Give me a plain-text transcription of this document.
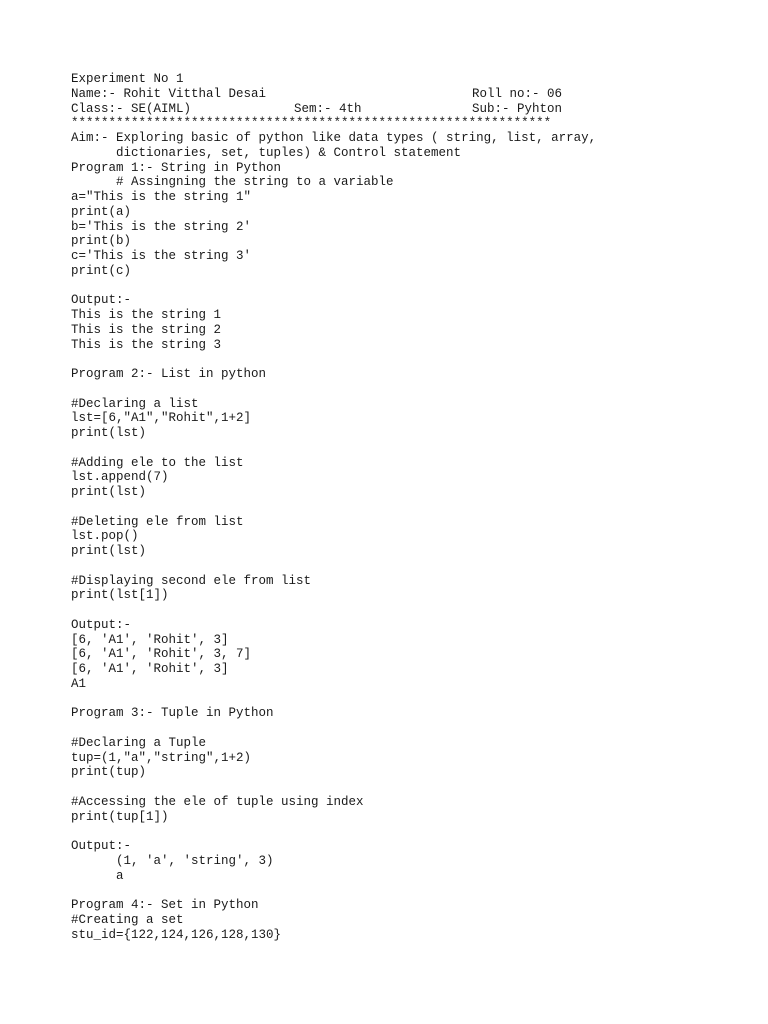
Experiment No 1

Name:- Rohit Vitthal Desai

	Roll no:- 06

Class:- SE(AIML)

	Sem:- 4th

	Sub:- Pyhton

****************************************************************
Aim:- Exploring basic of python like data types ( string, list, array,
dictionaries, set, tuples) & Control statement
Program 1:- String in Python
# Assingning the string to a variable
a="This is the string 1"
print(a)
b='This is the string 2'
print(b)
c='This is the string 3'
print(c)
Output:-
This is the string 1
This is the string 2
This is the string 3
Program 2:- List in python
#Declaring a list
lst=[6,"A1","Rohit",1+2]
print(lst)
#Adding ele to the list
lst.append(7)
print(lst)
#Deleting ele from list
lst.pop()
print(lst)
#Displaying second ele from list
print(lst[1])
Output:-
[6, 'A1', 'Rohit', 3]
[6, 'A1', 'Rohit', 3, 7]
[6, 'A1', 'Rohit', 3]
A1
Program 3:- Tuple in Python
#Declaring a Tuple
tup=(1,"a","string",1+2)
print(tup)
#Accessing the ele of tuple using index
print(tup[1])
Output:-
(1, 'a', 'string', 3)
a
Program 4:- Set in Python
#Creating a set
stu_id={122,124,126,128,130}
